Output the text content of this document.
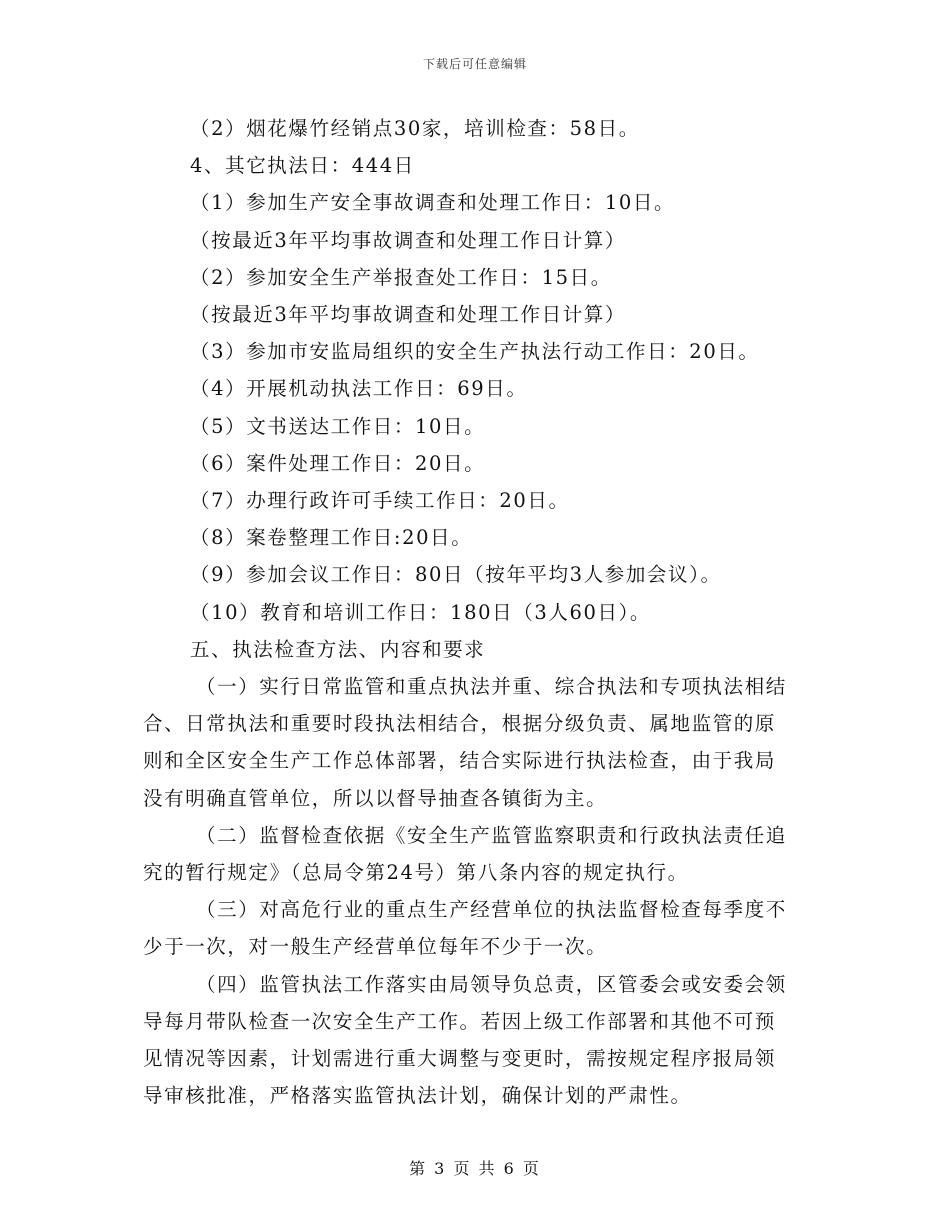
下载后可任意编辑
（2）烟花爆竹经销点30家，培训检查：58日。
4、其它执法日：444日
（1）参加生产安全事故调查和处理工作日：10日。
（按最近3年平均事故调查和处理工作日计算）
（2）参加安全生产举报查处工作日：15日。
（按最近3年平均事故调查和处理工作日计算）
（3）参加市安监局组织的安全生产执法行动工作日：20日。
（4）开展机动执法工作日：69日。
（5）文书送达工作日：10日。
（6）案件处理工作日：20日。
（7）办理行政许可手续工作日：20日。
（8）案卷整理工作日:20日。
（9）参加会议工作日：80日（按年平均3人参加会议）。
（10）教育和培训工作日：180日（3人60日）。
五、执法检查方法、内容和要求
（一）实行日常监管和重点执法并重、综合执法和专项执法相结
合、日常执法和重要时段执法相结合，根据分级负责、属地监管的原
则和全区安全生产工作总体部署，结合实际进行执法检查，由于我局
没有明确直管单位，所以以督导抽查各镇街为主。
（二）监督检查依据《安全生产监管监察职责和行政执法责任追
究的暂行规定》（总局令第24号）第八条内容的规定执行。
（三）对高危行业的重点生产经营单位的执法监督检查每季度不
少于一次，对一般生产经营单位每年不少于一次。
（四）监管执法工作落实由局领导负总责，区管委会或安委会领
导每月带队检查一次安全生产工作。若因上级工作部署和其他不可预
见情况等因素，计划需进行重大调整与变更时，需按规定程序报局领
导审核批准，严格落实监管执法计划，确保计划的严肃性。
第 3 页 共 6 页
